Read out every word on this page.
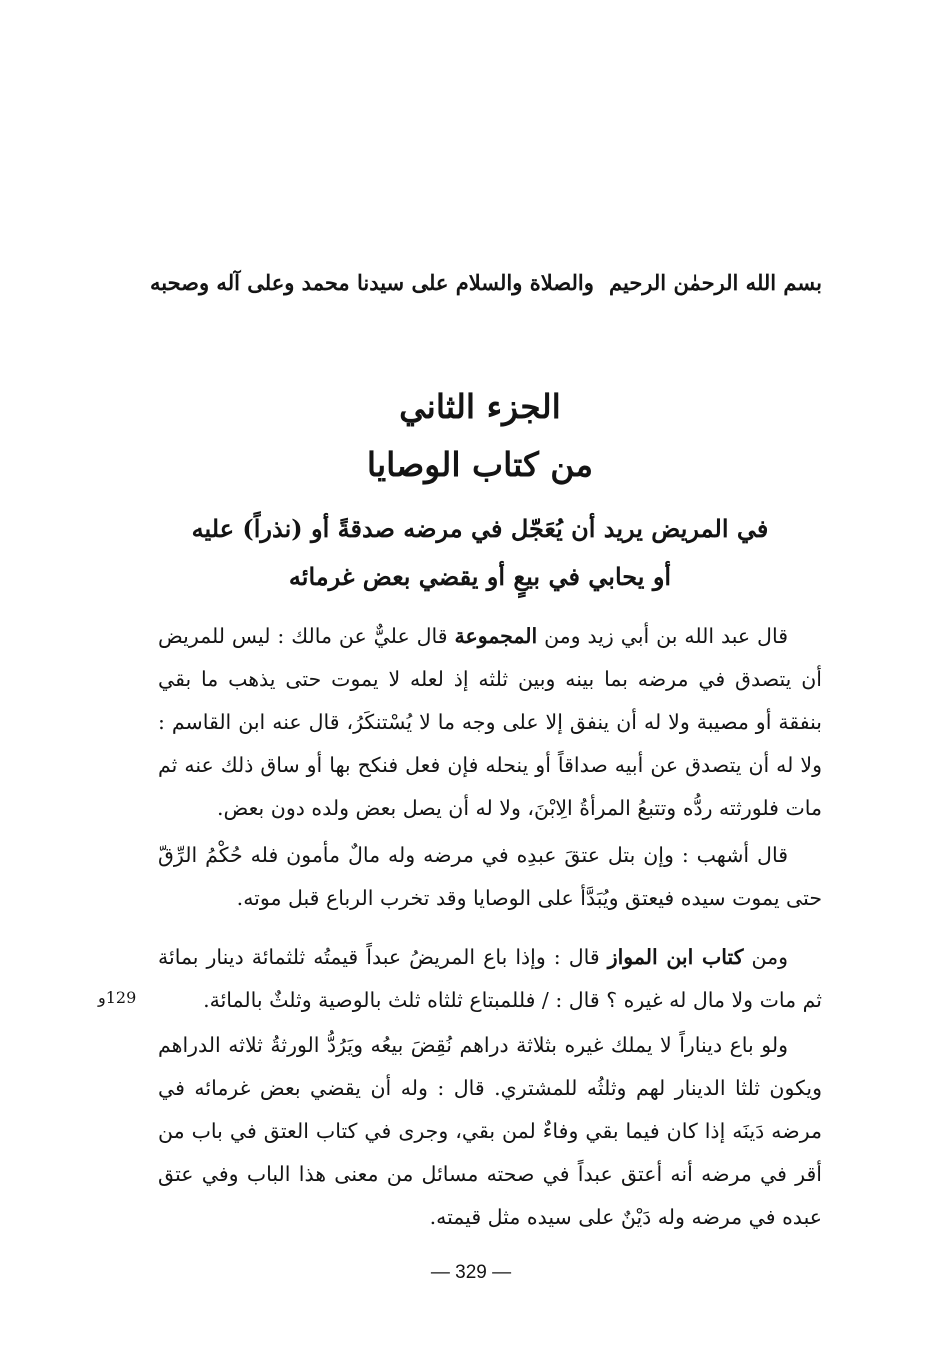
بسم الله الرحمٰن الرحيم
والصلاة والسلام على سيدنا محمد وعلى آله وصحبه
الجزء الثاني
من كتاب الوصايا
في المريض يريد أن يُعَجّل في مرضه صدقةً أو (نذراً) عليه
أو يحابي في بيعٍ أو يقضي بعض غرمائه

قال عبد الله بن أبي زيد ومن المجموعة قال عليٌّ عن مالك : ليس للمريض أن يتصدق في مرضه بما بينه وبين ثلثه إذ لعله لا يموت حتى يذهب ما بقي بنفقة أو مصيبة ولا له أن ينفق إلا على وجه ما لا يُسْتنكَرُ، قال عنه ابن القاسم : ولا له أن يتصدق عن أبيه صداقاً أو ينحله فإن فعل فنكح بها أو ساق ذلك عنه ثم مات فلورثته ردُّه وتتبعُ المرأةُ الِابْنَ، ولا له أن يصل بعض ولده دون بعض.

قال أشهب : وإن بتل عتقَ عبدِه في مرضه وله مالٌ مأمون فله حُكْمُ الرِّقّ حتى يموت سيده فيعتق ويُبَدَّأ على الوصايا وقد تخرب الرباع قبل موته.

ومن كتاب ابن المواز قال : وإذا باع المريضُ عبداً قيمتُه ثلثمائة دينار بمائة ثم مات ولا مال له غيره ؟ قال : / فللمبتاع ثلثاه ثلث بالوصية وثلثٌ بالمائة.

129و

ولو باع ديناراً لا يملك غيره بثلاثة دراهم نُقِضَ بيعُه ويَرُدُّ الورثةُ ثلاثه الدراهم ويكون ثلثا الدينار لهم وثلثُه للمشتري. قال : وله أن يقضي بعض غرمائه في مرضه دَينَه إذا كان فيما بقي وفاءٌ لمن بقي، وجرى في كتاب العتق في باب من أقر في مرضه أنه أعتق عبداً في صحته مسائل من معنى هذا الباب وفي عتق عبده في مرضه وله دَيْنٌ على سيده مثل قيمته.

— 329 —
